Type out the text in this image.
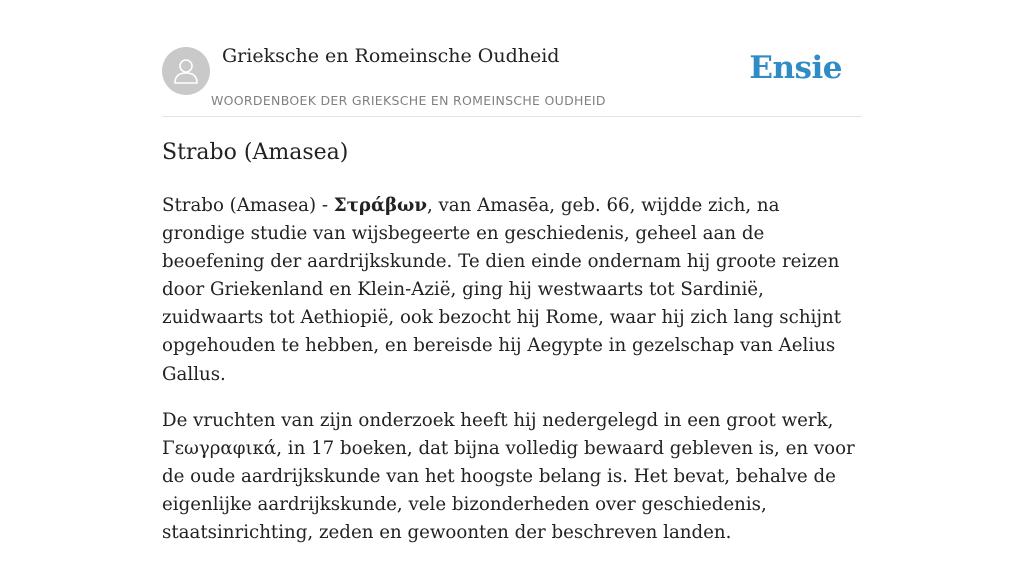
Grieksche en Romeinsche Oudheid
WOORDENBOEK DER GRIEKSCHE EN ROMEINSCHE OUDHEID
Ensie
Strabo (Amasea)

Strabo (Amasea) - Στράβων, van Amasēa, geb. 66, wijdde zich, na grondige studie van wijsbegeerte en geschiedenis, geheel aan de beoefening der aardrijkskunde. Te dien einde ondernam hij groote reizen door Griekenland en Klein-Azië, ging hij westwaarts tot Sardinië, zuidwaarts tot Aethiopië, ook bezocht hij Rome, waar hij zich lang schijnt opgehouden te hebben, en bereisde hij Aegypte in gezelschap van Aelius Gallus.

De vruchten van zijn onderzoek heeft hij nedergelegd in een groot werk, Γεωγραφικά, in 17 boeken, dat bijna volledig bewaard gebleven is, en voor de oude aardrijkskunde van het hoogste belang is. Het bevat, behalve de eigenlijke aardrijkskunde, vele bizonderheden over geschiedenis, staatsinrichting, zeden en gewoonten der beschreven landen.
